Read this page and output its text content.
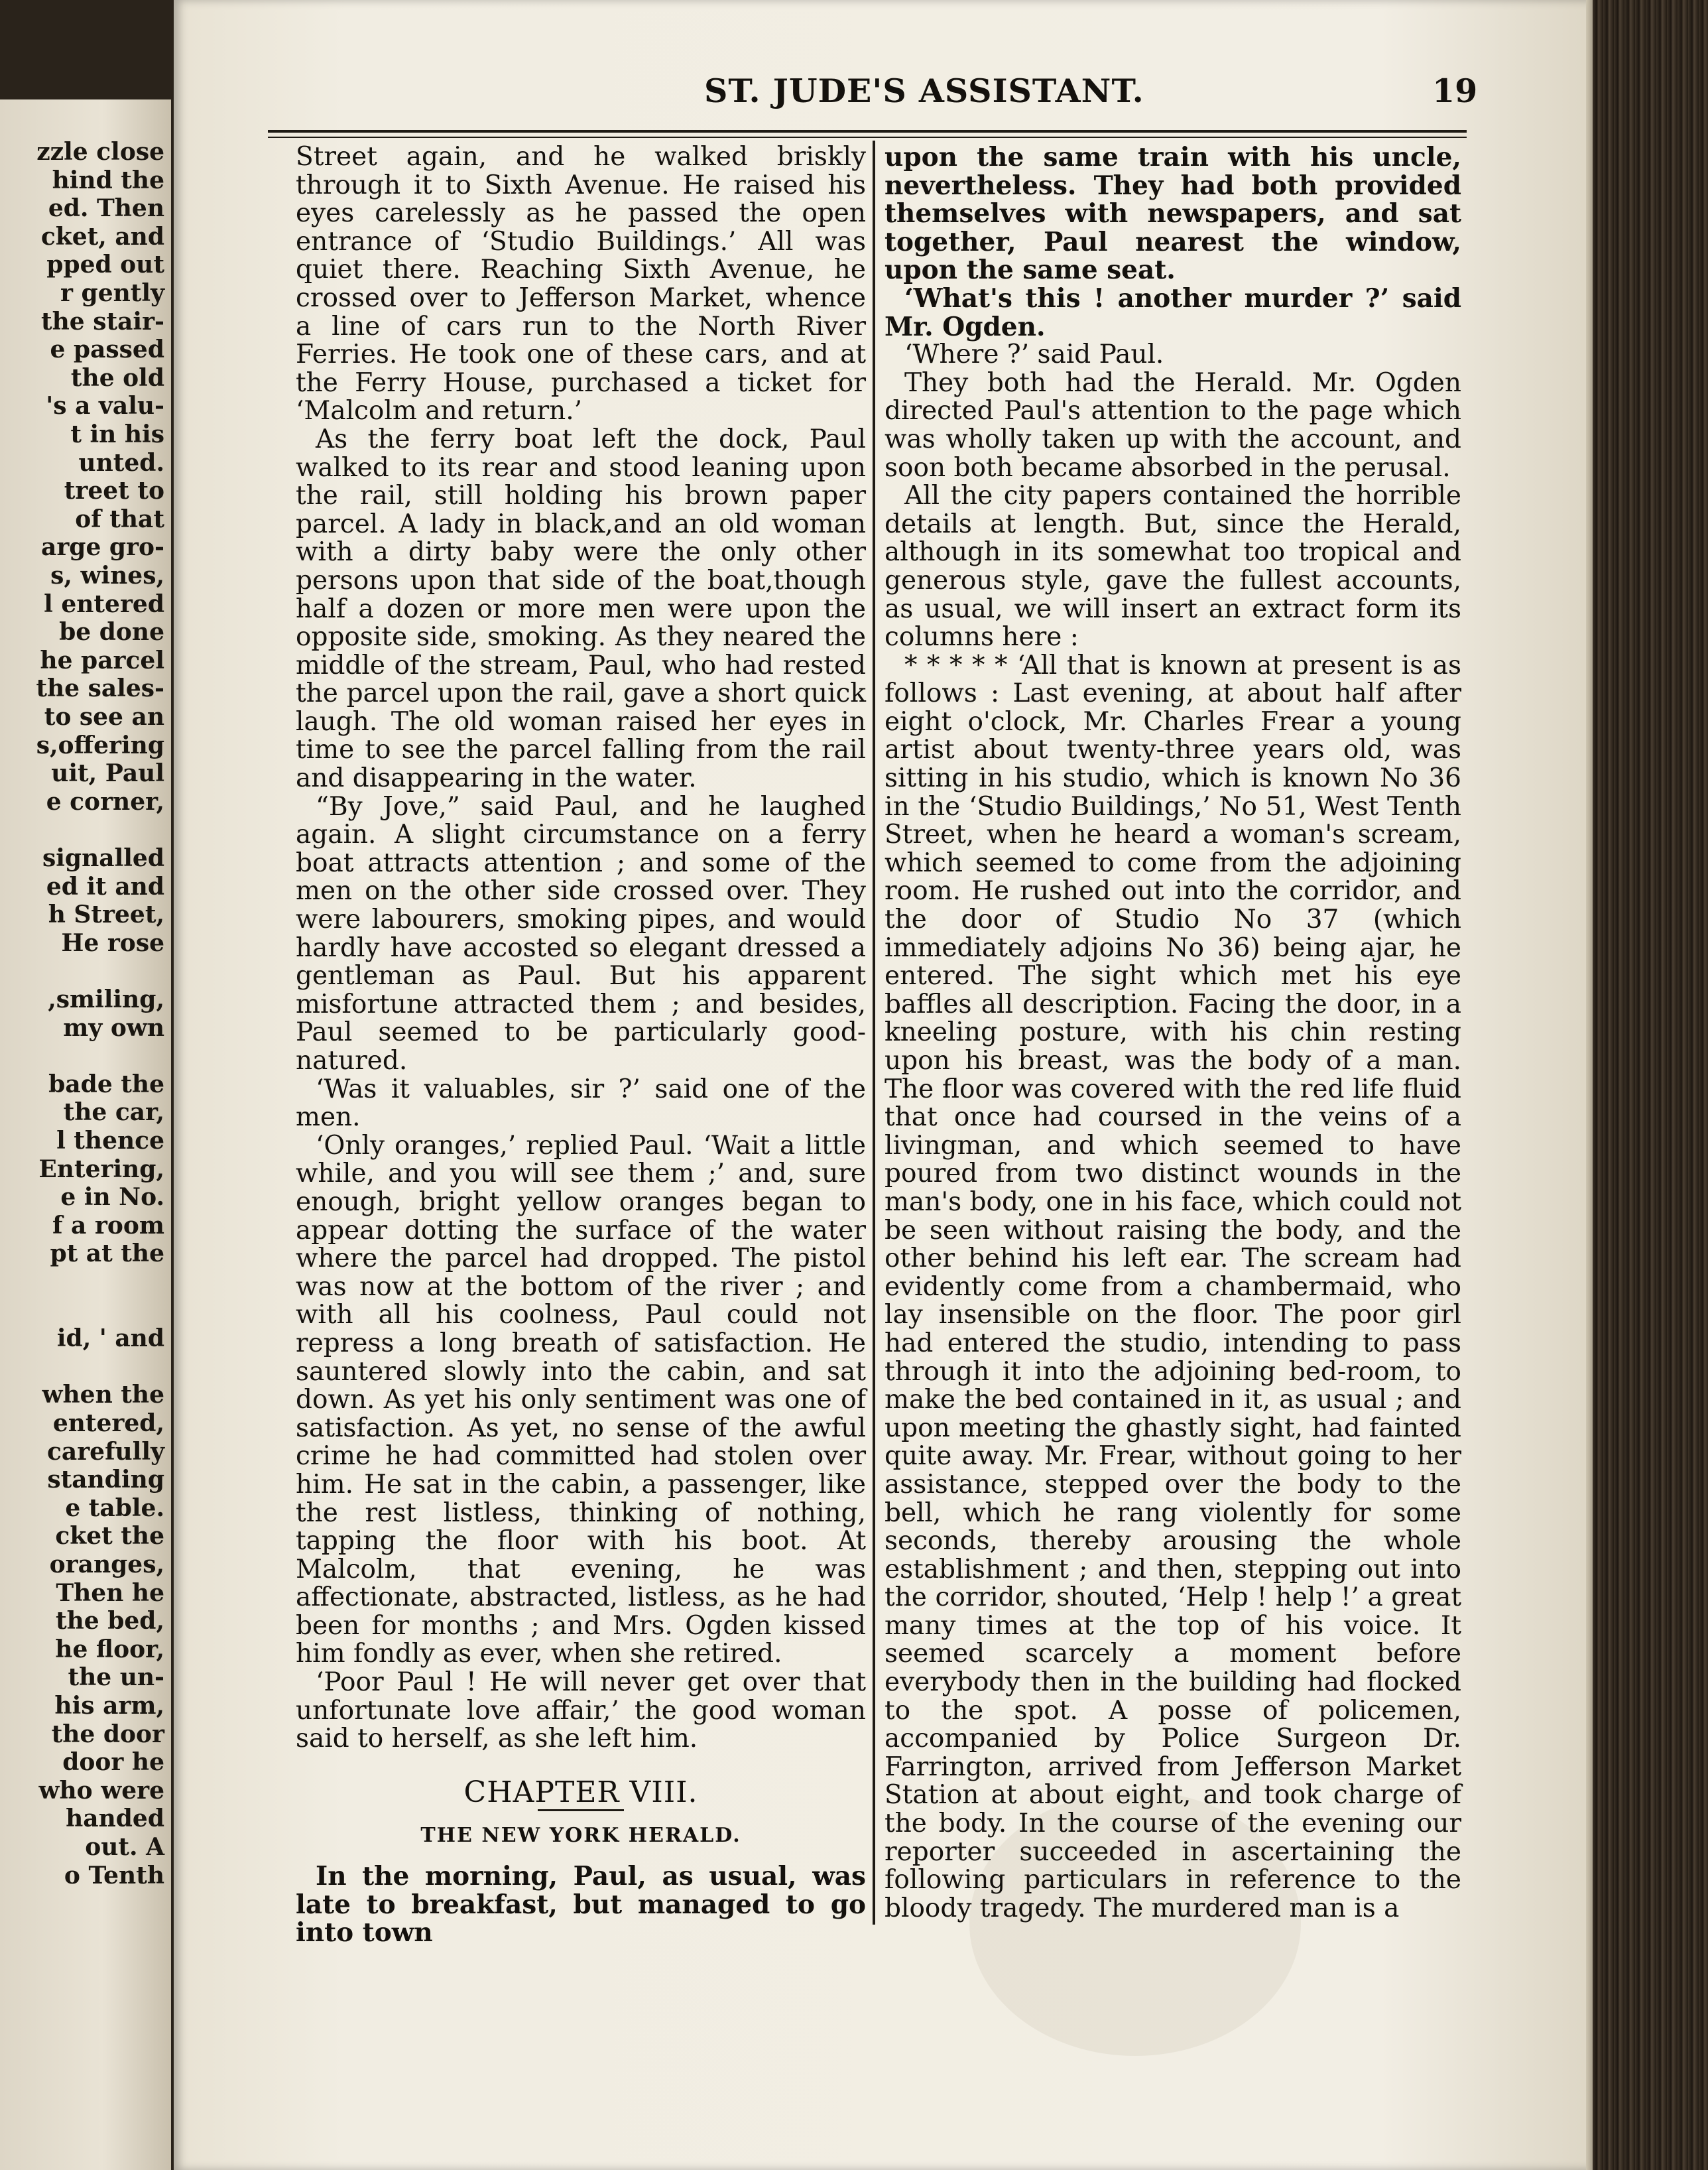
zzle close
hind the
ed. Then
cket, and
pped out
r gently
the stair-
e passed
the old
's a valu-
t in his
unted.
treet to
of that
arge gro-
s, wines,
l entered
be done
he parcel
the sales-
to see an
s,offering
uit, Paul
e corner,
signalled
ed it and
h Street,
He rose
,smiling,
my own
bade the
the car,
l thence
Entering,
e in No.
f a room
pt at the
id, ' and
when the
entered,
carefully
standing
e table.
cket the
oranges,
Then he
the bed,
he floor,
the un-
his arm,
the door
door he
who were
handed
out. A
o Tenth
ST. JUDE'S ASSISTANT.	19

Street again, and he walked briskly through it to Sixth Avenue. He raised his eyes carelessly as he passed the open entrance of ‘Studio Buildings.’ All was quiet there. Reaching Sixth Avenue, he crossed over to Jefferson Market, whence a line of cars run to the North River Ferries. He took one of these cars, and at the Ferry House, purchased a ticket for ‘Malcolm and return.’

As the ferry boat left the dock, Paul walked to its rear and stood leaning upon the rail, still holding his brown paper parcel. A lady in black,and an old woman with a dirty baby were the only other persons upon that side of the boat,though half a dozen or more men were upon the opposite side, smoking. As they neared the middle of the stream, Paul, who had rested the parcel upon the rail, gave a short quick laugh. The old woman raised her eyes in time to see the parcel falling from the rail and disappearing in the water.

“By Jove,” said Paul, and he laughed again. A slight circumstance on a ferry boat attracts attention ; and some of the men on the other side crossed over. They were labourers, smoking pipes, and would hardly have accosted so elegant dressed a gentleman as Paul. But his apparent misfortune attracted them ; and besides, Paul seemed to be particularly good-natured.

‘Was it valuables, sir ?’ said one of the men.

‘Only oranges,’ replied Paul. ‘Wait a little while, and you will see them ;’ and, sure enough, bright yellow oranges began to appear dotting the surface of the water where the parcel had dropped. The pistol was now at the bottom of the river ; and with all his coolness, Paul could not repress a long breath of satisfaction. He sauntered slowly into the cabin, and sat down. As yet his only sentiment was one of satisfaction. As yet, no sense of the awful crime he had committed had stolen over him. He sat in the cabin, a passenger, like the rest listless, thinking of nothing, tapping the floor with his boot. At Malcolm, that evening, he was affectionate, abstracted, listless, as he had been for months ; and Mrs. Ogden kissed him fondly as ever, when she retired.

‘Poor Paul ! He will never get over that unfortunate love affair,’ the good woman said to herself, as she left him.

CHAPTER VIII.
THE NEW YORK HERALD.

In the morning, Paul, as usual, was late to breakfast, but managed to go into town

upon the same train with his uncle, nevertheless. They had both provided themselves with newspapers, and sat together, Paul nearest the window, upon the same seat.

‘What's this ! another murder ?’ said Mr. Ogden.

‘Where ?’ said Paul.

They both had the Herald. Mr. Ogden directed Paul's attention to the page which was wholly taken up with the account, and soon both became absorbed in the perusal.

All the city papers contained the horrible details at length. But, since the Herald, although in its somewhat too tropical and generous style, gave the fullest accounts, as usual, we will insert an extract form its columns here :

* * * * * ‘All that is known at present is as follows : Last evening, at about half after eight o'clock, Mr. Charles Frear a young artist about twenty-three years old, was sitting in his studio, which is known No 36 in the ‘Studio Buildings,’ No 51, West Tenth Street, when he heard a woman's scream, which seemed to come from the adjoining room. He rushed out into the corridor, and the door of Studio No 37 (which immediately adjoins No 36) being ajar, he entered. The sight which met his eye baffles all description. Facing the door, in a kneeling posture, with his chin resting upon his breast, was the body of a man. The floor was covered with the red life fluid that once had coursed in the veins of a livingman, and which seemed to have poured from two distinct wounds in the man's body, one in his face, which could not be seen without raising the body, and the other behind his left ear. The scream had evidently come from a chambermaid, who lay insensible on the floor. The poor girl had entered the studio, intending to pass through it into the adjoining bed-room, to make the bed contained in it, as usual ; and upon meeting the ghastly sight, had fainted quite away. Mr. Frear, without going to her assistance, stepped over the body to the bell, which he rang violently for some seconds, thereby arousing the whole establishment ; and then, stepping out into the corridor, shouted, ‘Help ! help !’ a great many times at the top of his voice. It seemed scarcely a moment before everybody then in the building had flocked to the spot. A posse of policemen, accompanied by Police Surgeon Dr. Farrington, arrived from Jefferson Market Station at about eight, and took charge of the body. In the course of the evening our reporter succeeded in ascertaining the following particulars in reference to the bloody tragedy. The murdered man is a
